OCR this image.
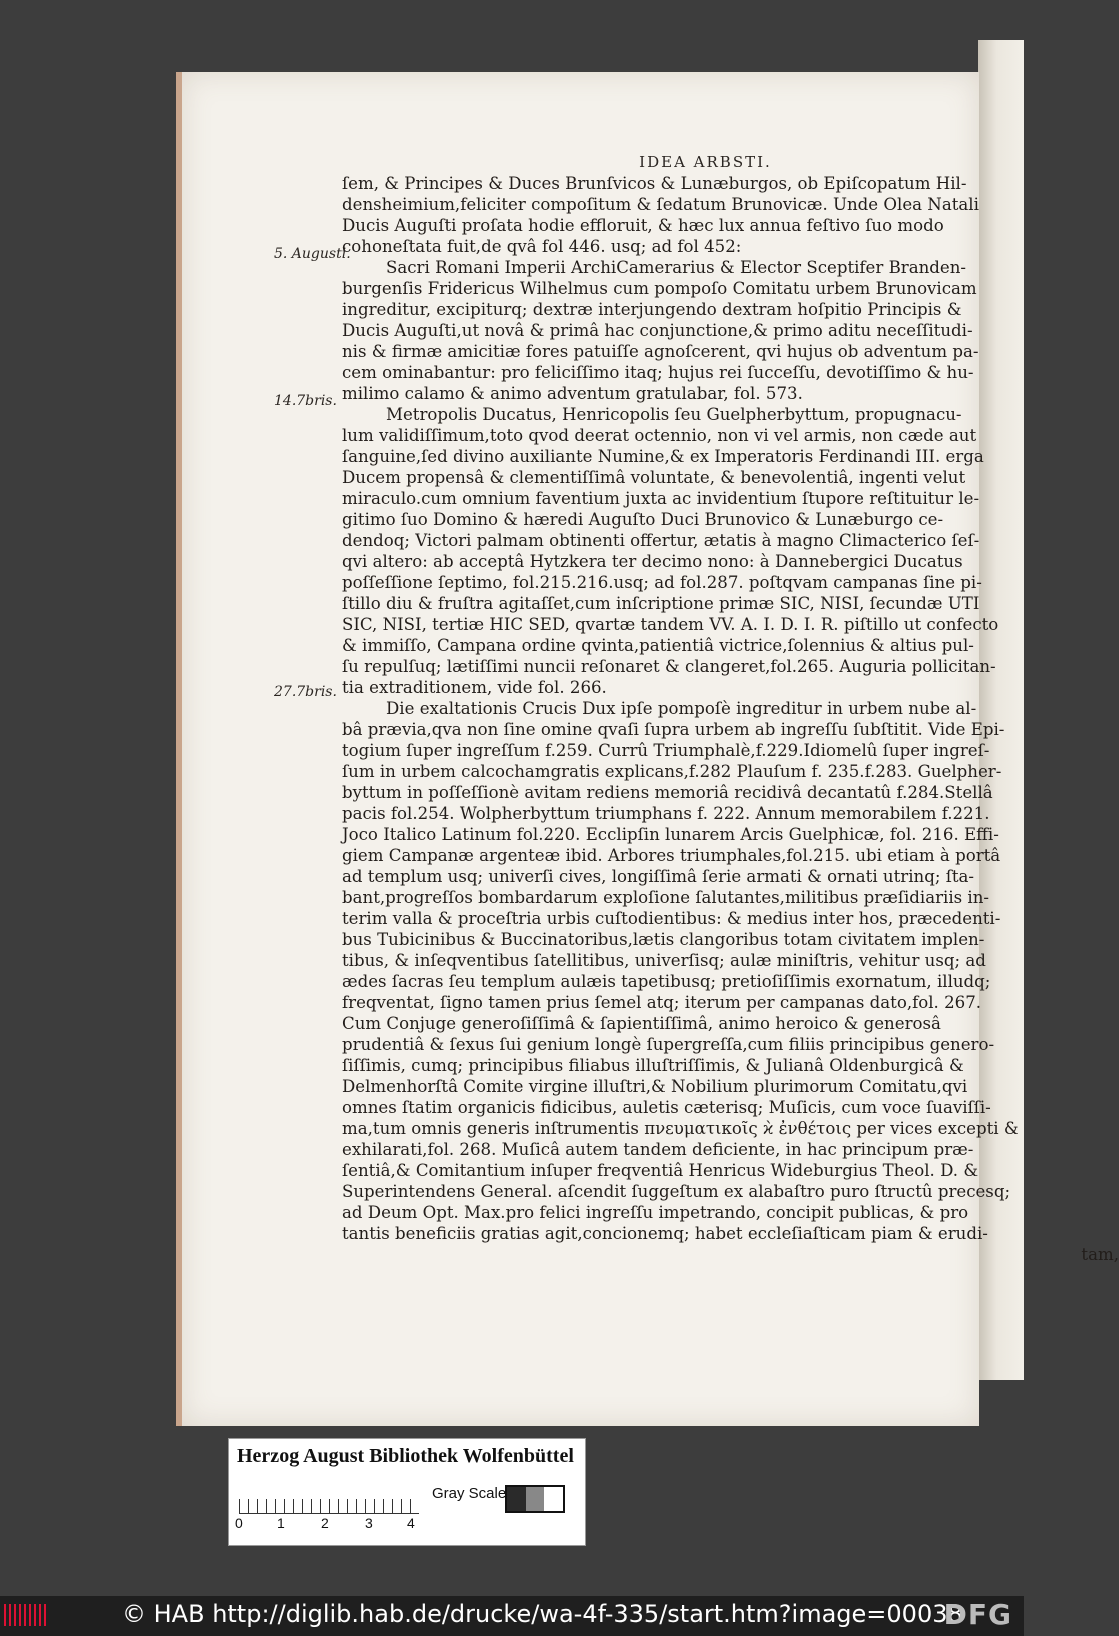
IDEA ARBSTI.
5. Augusti.
14.7bris.
27.7bris.
ſem, & Principes & Duces Brunſvicos & Lunæburgos, ob Epiſcopatum Hil-
densheimium,feliciter compoſitum & ſedatum Brunovicæ. Unde Olea Natali
Ducis Auguſti proſata hodie effloruit, & hæc lux annua feſtivo ſuo modo
cohoneſtata fuit,de qvâ fol 446. usq; ad fol 452:
Sacri Romani Imperii ArchiCamerarius & Elector Sceptifer Branden-
burgenſis Fridericus Wilhelmus cum pompoſo Comitatu urbem Brunovicam
ingreditur, excipiturq; dextræ interjungendo dextram hoſpitio Principis &
Ducis Auguſti,ut novâ & primâ hac conjunctione,& primo aditu neceſſitudi-
nis & firmæ amicitiæ fores patuiſſe agnoſcerent, qvi hujus ob adventum pa-
cem ominabantur: pro feliciſſimo itaq; hujus rei ſucceſſu, devotiſſimo & hu-
milimo calamo & animo adventum gratulabar, fol. 573.
Metropolis Ducatus, Henricopolis ſeu Guelpherbyttum, propugnacu-
lum validiſſimum,toto qvod deerat octennio, non vi vel armis, non cæde aut
ſanguine,ſed divino auxiliante Numine,& ex Imperatoris Ferdinandi III. erga
Ducem propensâ & clementiſſimâ voluntate, & benevolentiâ, ingenti velut
miraculo.cum omnium faventium juxta ac invidentium ſtupore reſtituitur le-
gitimo ſuo Domino & hæredi Auguſto Duci Brunovico & Lunæburgo ce-
dendoq; Victori palmam obtinenti offertur, ætatis à magno Climacterico ſeſ-
qvi altero: ab acceptâ Hytzkera ter decimo nono: à Dannebergici Ducatus
poſſeſſione ſeptimo, fol.215.216.usq; ad fol.287. poſtqvam campanas ſine pi-
ſtillo diu & fruſtra agitaſſet,cum inſcriptione primæ SIC, NISI, ſecundæ UTI
SIC, NISI, tertiæ HIC SED, qvartæ tandem VV. A. I. D. I. R. piſtillo ut confecto
& immiſſo, Campana ordine qvinta,patientiâ victrice,ſolennius & altius pul-
ſu repulſuq; lætiſſimi nuncii reſonaret & clangeret,fol.265. Auguria pollicitan-
tia extraditionem, vide fol. 266.
Die exaltationis Crucis Dux ipſe pompoſè ingreditur in urbem nube al-
bâ prævia,qva non ſine omine qvaſi ſupra urbem ab ingreſſu ſubſtitit. Vide Epi-
togium ſuper ingreſſum f.259. Currû Triumphalè,f.229.Idiomelû ſuper ingreſ-
ſum in urbem calcochamgratis explicans,f.282 Plauſum f. 235.f.283. Guelpher-
byttum in poſſeſſionè avitam rediens memoriâ recidivâ decantatû f.284.Stellâ
pacis fol.254. Wolpherbyttum triumphans f. 222. Annum memorabilem f.221.
Joco Italico Latinum fol.220. Ecclipſin lunarem Arcis Guelphicæ, fol. 216. Effi-
giem Campanæ argenteæ ibid. Arbores triumphales,fol.215. ubi etiam à portâ
ad templum usq; univerſi cives, longiſſimâ ſerie armati & ornati utrinq; ſta-
bant,progreſſos bombardarum exploſione ſalutantes,militibus præſidiariis in-
terim valla & proceſtria urbis cuſtodientibus: & medius inter hos, præcedenti-
bus Tubicinibus & Buccinatoribus,lætis clangoribus totam civitatem implen-
tibus, & inſeqventibus ſatellitibus, univerſisq; aulæ miniſtris, vehitur usq; ad
ædes ſacras ſeu templum aulæis tapetibusq; pretioſiſſimis exornatum, illudq;
freqventat, ſigno tamen prius ſemel atq; iterum per campanas dato,fol. 267.
Cum Conjuge generoſiſſimâ & ſapientiſſimâ, animo heroico & generosâ
prudentiâ & ſexus ſui genium longè ſupergreſſa,cum filiis principibus genero-
ſiſſimis, cumq; principibus filiabus illuſtriſſimis, & Julianâ Oldenburgicâ &
Delmenhorſtâ Comite virgine illuſtri,& Nobilium plurimorum Comitatu,qvi
omnes ſtatim organicis fidicibus, auletis cæterisq; Muſicis, cum voce ſuaviſſi-
ma,tum omnis generis inſtrumentis πνευματικοῖς ϰ̀ ἐνθέτοις per vices excepti &
exhilarati,fol. 268. Muſicâ autem tandem deficiente, in hac principum præ-
ſentiâ,& Comitantium inſuper freqventiâ Henricus Wideburgius Theol. D. &
Superintendens General. aſcendit ſuggeſtum ex alabaſtro puro ſtructû precesq;
ad Deum Opt. Max.pro felici ingreſſu impetrando, concipit publicas, & pro
tantis beneficiis gratias agit,concionemq; habet eccleſiaſticam piam & erudi-
tam,
Herzog August Bibliothek Wolfenbüttel
0 1	2	3 4
Gray Scale
© HAB http://diglib.hab.de/drucke/wa-4f-335/start.htm?image=00038
DFG
